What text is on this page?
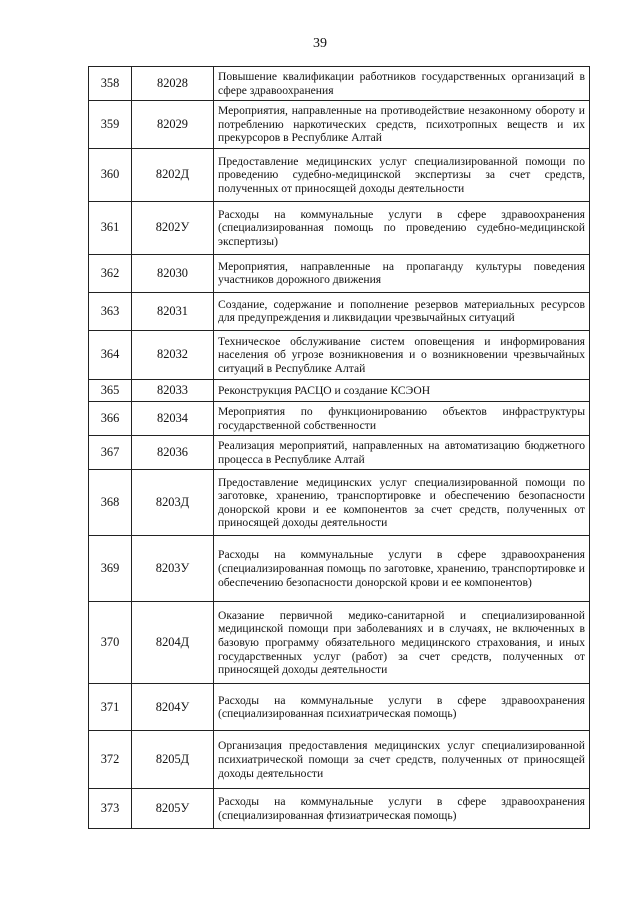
39
358	82028	Повышение квалификации работников государственных организаций в сфере здравоохранения
359	82029	Мероприятия, направленные на противодействие незаконному обороту и потреблению наркотических средств, психотропных веществ и их прекурсоров в Республике Алтай
360	8202Д	Предоставление медицинских услуг специализированной помощи по проведению судебно-медицинской экспертизы за счет средств, полученных от приносящей доходы деятельности
361	8202У	Расходы на коммунальные услуги в сфере здравоохранения (специализированная помощь по проведению судебно-медицинской экспертизы)
362	82030	Мероприятия, направленные на пропаганду культуры поведения участников дорожного движения
363	82031	Создание, содержание и пополнение резервов материальных ресурсов для предупреждения и ликвидации чрезвычайных ситуаций
364	82032	Техническое обслуживание систем оповещения и информирования населения об угрозе возникновения и о возникновении чрезвычайных ситуаций в Республике Алтай
365	82033	Реконструкция РАСЦО и создание КСЭОН
366	82034	Мероприятия по функционированию объектов инфраструктуры государственной собственности
367	82036	Реализация мероприятий, направленных на автоматизацию бюджетного процесса в Республике Алтай
368	8203Д	Предоставление медицинских услуг специализированной помощи по заготовке, хранению, транспортировке и обеспечению безопасности донорской крови и ее компонентов за счет средств, полученных от приносящей доходы деятельности
369	8203У	Расходы на коммунальные услуги в сфере здравоохранения (специализированная помощь по заготовке, хранению, транспортировке и обеспечению безопасности донорской крови и ее компонентов)
370	8204Д	Оказание первичной медико-санитарной и специализированной медицинской помощи при заболеваниях и в случаях, не включенных в базовую программу обязательного медицинского страхования, и иных государственных услуг (работ) за счет средств, полученных от приносящей доходы деятельности
371	8204У	Расходы на коммунальные услуги в сфере здравоохранения (специализированная психиатрическая помощь)
372	8205Д	Организация предоставления медицинских услуг специализированной психиатрической помощи за счет средств, полученных от приносящей доходы деятельности
373	8205У	Расходы на коммунальные услуги в сфере здравоохранения (специализированная фтизиатрическая помощь)
